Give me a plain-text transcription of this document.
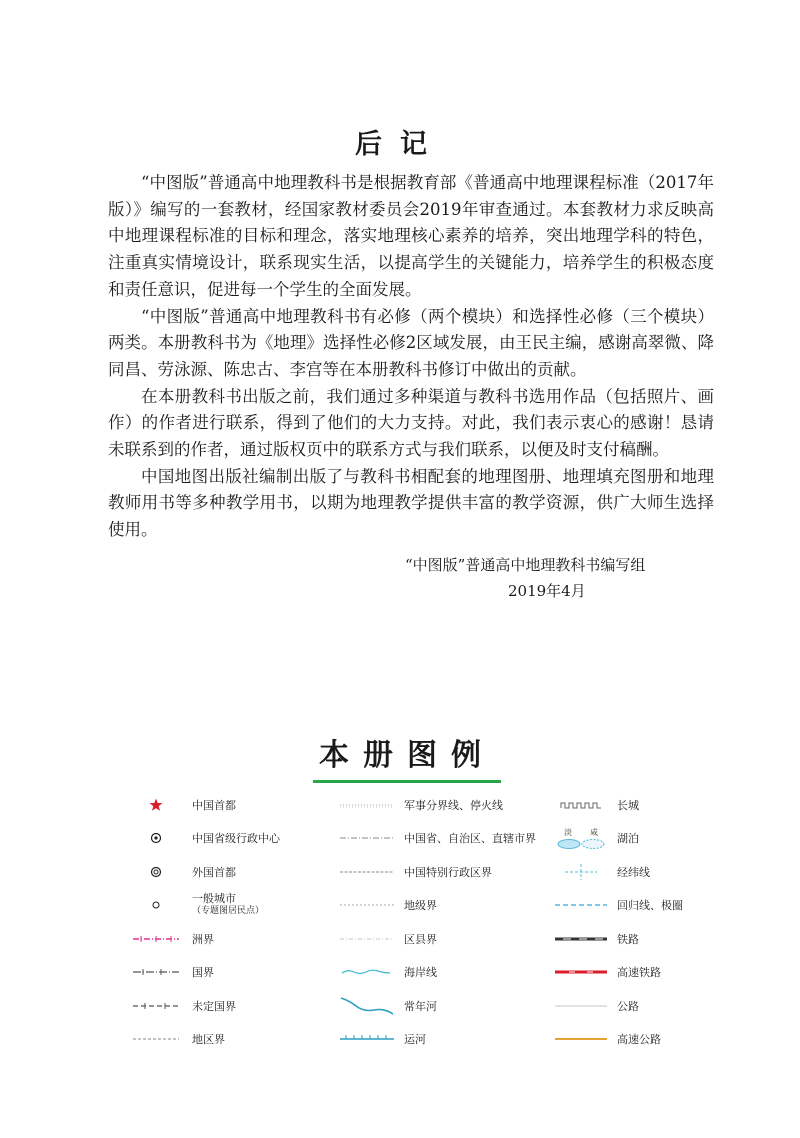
后记

“中图版”普通高中地理教科书是根据教育部《普通高中地理课程标准（2017年版）》编写的一套教材，经国家教材委员会2019年审查通过。本套教材力求反映高中地理课程标准的目标和理念，落实地理核心素养的培养，突出地理学科的特色，注重真实情境设计，联系现实生活，以提高学生的关键能力，培养学生的积极态度和责任意识，促进每一个学生的全面发展。

“中图版”普通高中地理教科书有必修（两个模块）和选择性必修（三个模块）两类。本册教科书为《地理》选择性必修2区域发展，由王民主编，感谢高翠微、降同昌、劳泳源、陈忠古、李宫等在本册教科书修订中做出的贡献。

在本册教科书出版之前，我们通过多种渠道与教科书选用作品（包括照片、画作）的作者进行联系，得到了他们的大力支持。对此，我们表示衷心的感谢！恳请未联系到的作者，通过版权页中的联系方式与我们联系，以便及时支付稿酬。

中国地图出版社编制出版了与教科书相配套的地理图册、地理填充图册和地理教师用书等多种教学用书，以期为地理教学提供丰富的教学资源，供广大师生选择使用。

“中图版”普通高中地理教科书编写组
2019年4月
本册图例
中国首都	军事分界线、停火线	长城
中国省级行政中心	中国省、自治区、直辖市界	淡 咸 湖泊
外国首都	中国特别行政区界	经纬线
一般城市
（专题图居民点）	地级界	回归线、极圈
洲界	区县界	铁路
国界	海岸线	高速铁路
未定国界	常年河	公路
地区界	运河	高速公路
